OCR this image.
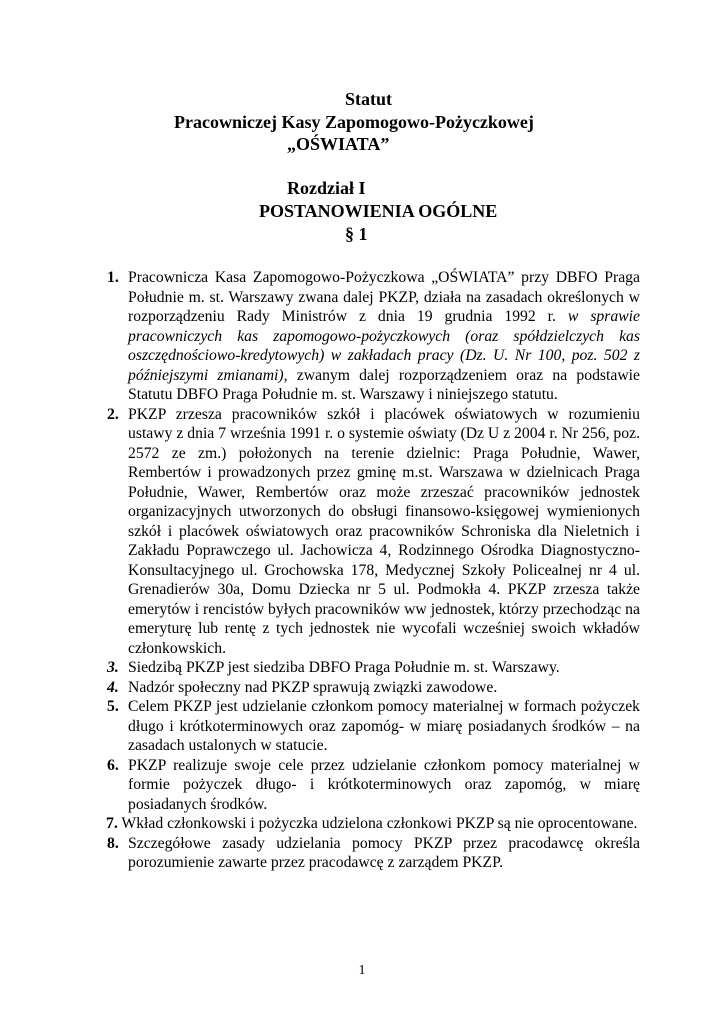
Statut
Pracowniczej Kasy Zapomogowo-Pożyczkowej
„OŚWIATA”
Rozdział I
POSTANOWIENIA OGÓLNE
§ 1
1. Pracownicza Kasa Zapomogowo-Pożyczkowa „OŚWIATA” przy DBFO Praga Południe m. st. Warszawy zwana dalej PKZP, działa na zasadach określonych w rozporządzeniu Rady Ministrów z dnia 19 grudnia 1992 r. w sprawie pracowniczych kas zapomogowo-pożyczkowych (oraz spółdzielczych kas oszczędnościowo-kredytowych) w zakładach pracy (Dz. U. Nr 100, poz. 502 z późniejszymi zmianami), zwanym dalej rozporządzeniem oraz na podstawie Statutu DBFO Praga Południe m. st. Warszawy i niniejszego statutu.
2. PKZP zrzesza pracowników szkół i placówek oświatowych w rozumieniu ustawy z dnia 7 września 1991 r. o systemie oświaty (Dz U z 2004 r. Nr 256, poz. 2572 ze zm.) położonych na terenie dzielnic: Praga Południe, Wawer, Rembertów i prowadzonych przez gminę m.st. Warszawa w dzielnicach Praga Południe, Wawer, Rembertów oraz może zrzeszać pracowników jednostek organizacyjnych utworzonych do obsługi finansowo-księgowej wymienionych szkół i placówek oświatowych oraz pracowników Schroniska dla Nieletnich i Zakładu Poprawczego ul. Jachowicza 4, Rodzinnego Ośrodka Diagnostyczno-Konsultacyjnego ul. Grochowska 178, Medycznej Szkoły Policealnej nr 4 ul. Grenadierów 30a, Domu Dziecka nr 5 ul. Podmokła 4. PKZP zrzesza także emerytów i rencistów byłych pracowników ww jednostek, którzy przechodząc na emeryturę lub rentę z tych jednostek nie wycofali wcześniej swoich wkładów członkowskich.
3. Siedzibą PKZP jest siedziba DBFO Praga Południe m. st. Warszawy.
4. Nadzór społeczny nad PKZP sprawują związki zawodowe.
5. Celem PKZP jest udzielanie członkom pomocy materialnej w formach pożyczek długo i krótkoterminowych oraz zapomóg- w miarę posiadanych środków – na zasadach ustalonych w statucie.
6. PKZP realizuje swoje cele przez udzielanie członkom pomocy materialnej w formie pożyczek długo- i krótkoterminowych oraz zapomóg, w miarę posiadanych środków.
7. Wkład członkowski i pożyczka udzielona członkowi PKZP są nie oprocentowane.
8. Szczegółowe zasady udzielania pomocy PKZP przez pracodawcę określa porozumienie zawarte przez pracodawcę z zarządem PKZP.
1
